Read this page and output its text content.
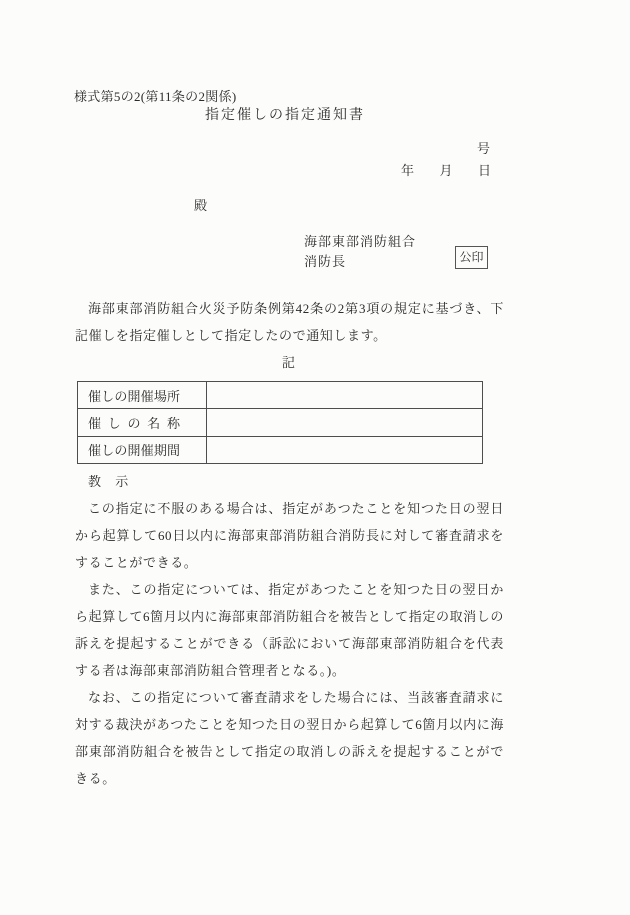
様式第5の2(第11条の2関係)
指定催しの指定通知書
号
年 月 日
殿
海部東部消防組合
消防長	公印
海部東部消防組合火災予防条例第42条の2第3項の規定に基づき、下記催しを指定催しとして指定したので通知します。
記
催しの開催場所	
催しの名称	
催しの開催期間	
教　示

この指定に不服のある場合は、指定があつたことを知つた日の翌日から起算して60日以内に海部東部消防組合消防長に対して審査請求をすることができる。

また、この指定については、指定があつたことを知つた日の翌日から起算して6箇月以内に海部東部消防組合を被告として指定の取消しの訴えを提起することができる（訴訟において海部東部消防組合を代表する者は海部東部消防組合管理者となる。)。

なお、この指定について審査請求をした場合には、当該審査請求に対する裁決があつたことを知つた日の翌日から起算して6箇月以内に海部東部消防組合を被告として指定の取消しの訴えを提起することができる。
